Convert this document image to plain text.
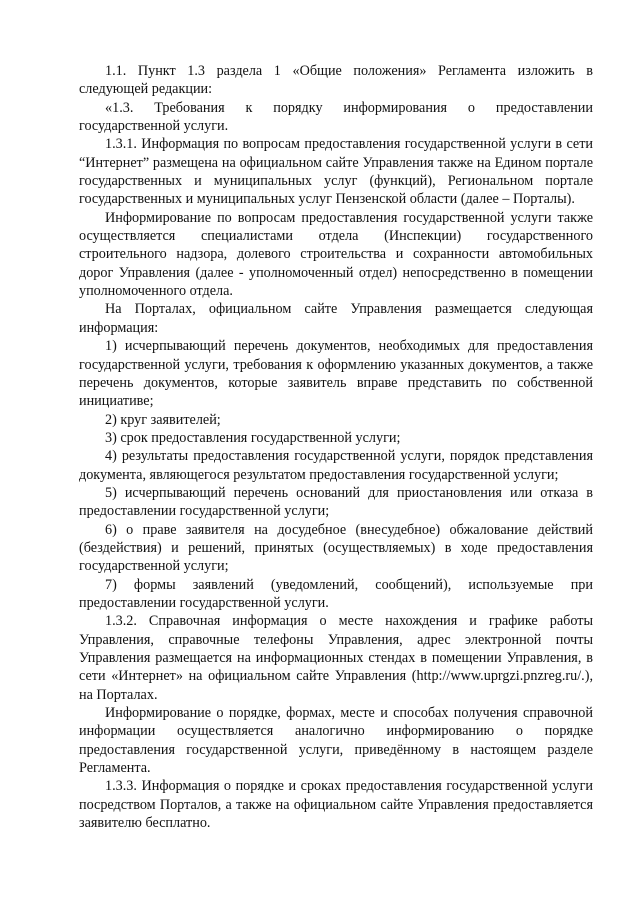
1.1. Пункт 1.3 раздела 1 «Общие положения» Регламента изложить в следующей редакции:

«1.3. Требования к порядку информирования о предоставлении государственной услуги.

1.3.1. Информация по вопросам предоставления государственной услуги в сети “Интернет” размещена на официальном сайте Управления также на Едином портале государственных и муниципальных услуг (функций), Региональном портале государственных и муниципальных услуг Пензенской области (далее – Порталы).

Информирование по вопросам предоставления государственной услуги также осуществляется специалистами отдела (Инспекции) государственного строительного надзора, долевого строительства и сохранности автомобильных дорог Управления (далее - уполномоченный отдел) непосредственно в помещении уполномоченного отдела.

На Порталах, официальном сайте Управления размещается следующая информация:

1) исчерпывающий перечень документов, необходимых для предоставления государственной услуги, требования к оформлению указанных документов, а также перечень документов, которые заявитель вправе представить по собственной инициативе;

2) круг заявителей;

3) срок предоставления государственной услуги;

4) результаты предоставления государственной услуги, порядок представления документа, являющегося результатом предоставления государственной услуги;

5) исчерпывающий перечень оснований для приостановления или отказа в предоставлении государственной услуги;

6) о праве заявителя на досудебное (внесудебное) обжалование действий (бездействия) и решений, принятых (осуществляемых) в ходе предоставления государственной услуги;

7) формы заявлений (уведомлений, сообщений), используемые при предоставлении государственной услуги.

1.3.2. Справочная информация о месте нахождения и графике работы Управления, справочные телефоны Управления, адрес электронной почты Управления размещается на информационных стендах в помещении Управления, в сети «Интернет» на официальном сайте Управления (http://www.uprgzi.pnzreg.ru/.), на Порталах.

Информирование о порядке, формах, месте и способах получения справочной информации осуществляется аналогично информированию о порядке предоставления государственной услуги, приведённому в настоящем разделе Регламента.

1.3.3. Информация о порядке и сроках предоставления государственной услуги посредством Порталов, а также на официальном сайте Управления предоставляется заявителю бесплатно.
